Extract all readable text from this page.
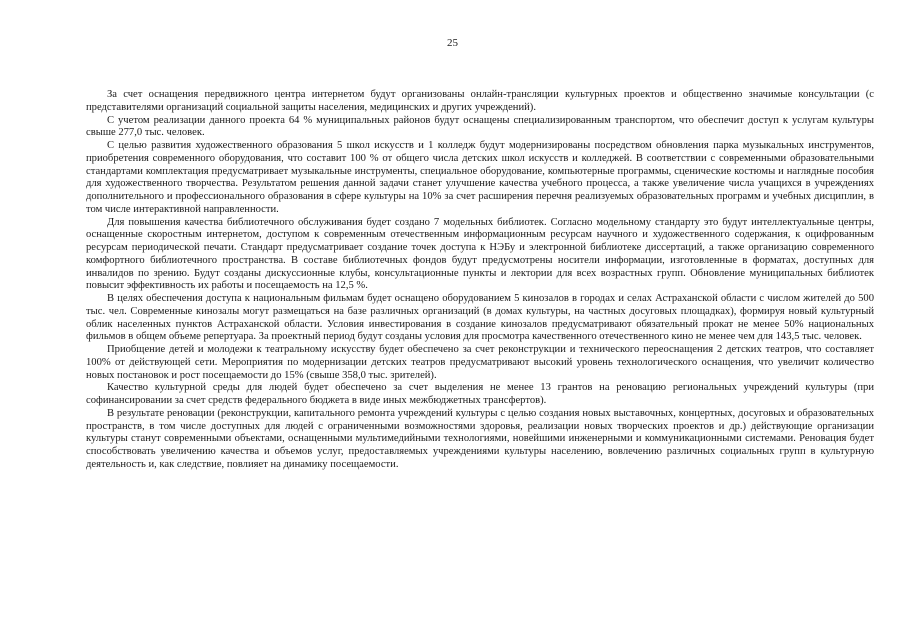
25

За счет оснащения передвижного центра интернетом будут организованы онлайн-трансляции культурных проектов и общественно значимые консультации (с представителями организаций социальной защиты населения, медицинских и других учреждений).

С учетом реализации данного проекта 64 % муниципальных районов будут оснащены специализированным транспортом, что обеспечит доступ к услугам культуры свыше 277,0 тыс. человек.

С целью развития художественного образования 5 школ искусств и 1 колледж будут модернизированы посредством обновления парка музыкальных инструментов, приобретения современного оборудования, что составит 100 % от общего числа детских школ искусств и колледжей. В соответствии с современными образовательными стандартами комплектация предусматривает музыкальные инструменты, специальное оборудование, компьютерные программы, сценические костюмы и наглядные пособия для художественного творчества. Результатом решения данной задачи станет улучшение качества учебного процесса, а также увеличение числа учащихся в учреждениях дополнительного и профессионального образования в сфере культуры на 10% за счет расширения перечня реализуемых образовательных программ и учебных дисциплин, в том числе интерактивной направленности.

Для повышения качества библиотечного обслуживания будет создано 7 модельных библиотек. Согласно модельному стандарту это будут интеллектуальные центры, оснащенные скоростным интернетом, доступом к современным отечественным информационным ресурсам научного и художественного содержания, к оцифрованным ресурсам периодической печати. Стандарт предусматривает создание точек доступа к НЭБу и электронной библиотеке диссертаций, а также организацию современного комфортного библиотечного пространства. В составе библиотечных фондов будут предусмотрены носители информации, изготовленные в форматах, доступных для инвалидов по зрению. Будут созданы дискуссионные клубы, консультационные пункты и лектории для всех возрастных групп. Обновление муниципальных библиотек повысит эффективность их работы и посещаемость на 12,5 %.

В целях обеспечения доступа к национальным фильмам будет оснащено оборудованием 5 кинозалов в городах и селах Астраханской области с числом жителей до 500 тыс. чел. Современные кинозалы могут размещаться на базе различных организаций (в домах культуры, на частных досуговых площадках), формируя новый культурный облик населенных пунктов Астраханской области. Условия инвестирования в создание кинозалов предусматривают обязательный прокат не менее 50% национальных фильмов в общем объеме репертуара. За проектный период будут созданы условия для просмотра качественного отечественного кино не менее чем для 143,5 тыс. человек.

Приобщение детей и молодежи к театральному искусству будет обеспечено за счет реконструкции и технического переоснащения 2 детских театров, что составляет 100% от действующей сети. Мероприятия по модернизации детских театров предусматривают высокий уровень технологического оснащения, что увеличит количество новых постановок и рост посещаемости до 15% (свыше 358,0 тыс. зрителей).

Качество культурной среды для людей будет обеспечено за счет выделения не менее 13 грантов на реновацию региональных учреждений культуры (при софинансировании за счет средств федерального бюджета в виде иных межбюджетных трансфертов).

В результате реновации (реконструкции, капитального ремонта учреждений культуры с целью создания новых выставочных, концертных, досуговых и образовательных пространств, в том числе доступных для людей с ограниченными возможностями здоровья, реализации новых творческих проектов и др.) действующие организации культуры станут современными объектами, оснащенными мультимедийными технологиями, новейшими инженерными и коммуникационными системами. Реновация будет способствовать увеличению качества и объемов услуг, предоставляемых учреждениями культуры населению, вовлечению различных социальных групп в культурную деятельность и, как следствие, повлияет на динамику посещаемости.
